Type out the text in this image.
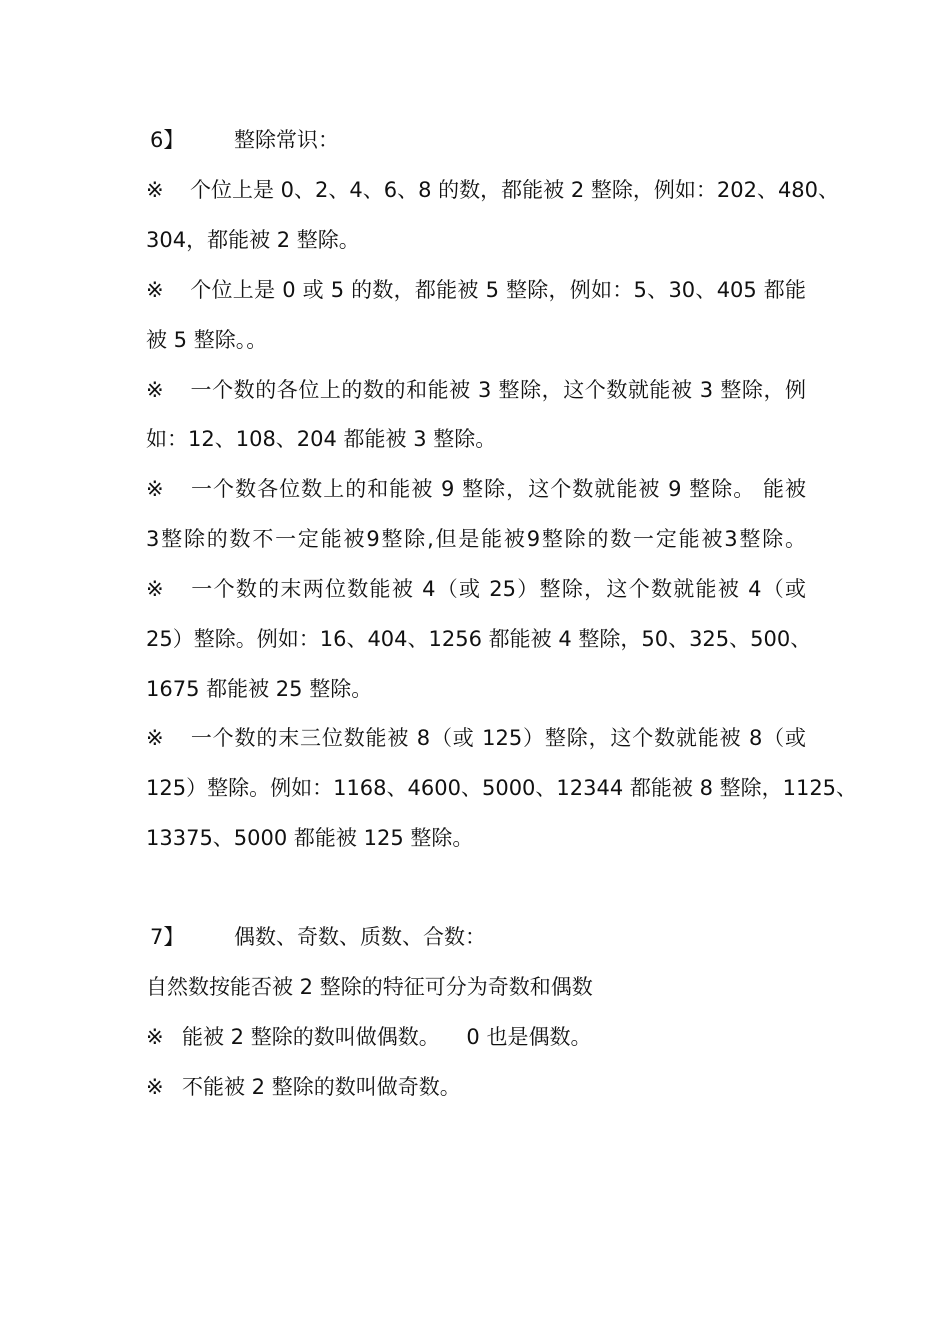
6】 整除常识：
※ 个位上是 0、2、4、6、8 的数，都能被 2 整除，例如：202、480、
304，都能被 2 整除。
※ 个位上是 0 或 5 的数，都能被 5 整除，例如：5、30、405 都能
被 5 整除。。
※ 一个数的各位上的数的和能被 3 整除，这个数就能被 3 整除，例
如：12、108、204 都能被 3 整除。
※ 一个数各位数上的和能被 9 整除，这个数就能被 9 整除。 能被
3整除的数不一定能被9整除,但是能被9整除的数一定能被3整除。
※ 一个数的末两位数能被 4（或 25）整除，这个数就能被 4（或
25）整除。例如：16、404、1256 都能被 4 整除，50、325、500、
1675 都能被 25 整除。
※ 一个数的末三位数能被 8（或 125）整除，这个数就能被 8（或
125）整除。例如：1168、4600、5000、12344 都能被 8 整除，1125、
13375、5000 都能被 125 整除。
7】 偶数、奇数、质数、合数：
自然数按能否被 2 整除的特征可分为奇数和偶数
※ 能被 2 整除的数叫做偶数。    0 也是偶数。
※ 不能被 2 整除的数叫做奇数。
